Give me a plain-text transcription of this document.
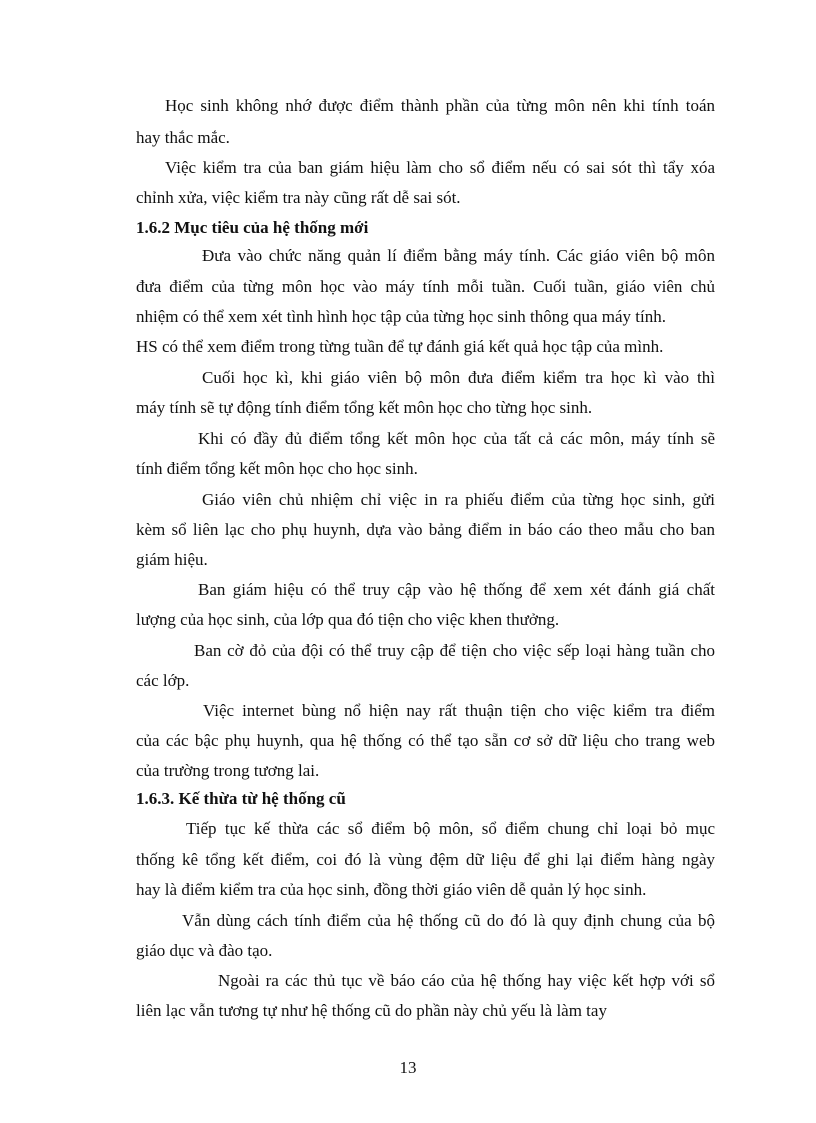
Học sinh không nhớ được điểm thành phần của từng môn nên khi tính toán

hay thắc mắc.

Việc kiểm tra của ban giám hiệu làm cho sổ điểm nếu có sai sót thì tẩy xóa

chỉnh xửa, việc kiểm tra này cũng rất dễ sai sót.

1.6.2 Mục tiêu của hệ thống mới

Đưa vào chức năng quản lí điểm bằng máy tính. Các giáo viên bộ môn

đưa điểm của từng môn học vào máy tính mỗi tuần. Cuối tuần, giáo viên chủ

nhiệm có thể xem xét tình hình học tập của từng học sinh thông qua máy tính.

HS có thể xem điểm trong từng tuần để tự đánh giá kết quả học tập của mình.

Cuối học kì, khi giáo viên bộ môn đưa điểm kiểm tra học kì vào thì

máy tính sẽ tự động tính điểm tổng kết môn học cho từng học sinh.

Khi có đầy đủ điểm tổng kết môn học của tất cả các môn, máy tính sẽ

tính điểm tổng kết môn học cho học sinh.

Giáo viên chủ nhiệm chỉ việc in ra phiếu điểm của từng học sinh, gửi

kèm sổ liên lạc cho phụ huynh, dựa vào bảng điểm in báo cáo theo mẫu cho ban

giám hiệu.

Ban giám hiệu có thể truy cập vào hệ thống để xem xét đánh giá chất

lượng của học sinh, của lớp qua đó tiện cho việc khen thưởng.

Ban cờ đỏ của đội có thể truy cập để tiện cho việc sếp loại hàng tuần cho

các lớp.

Việc internet bùng nổ hiện nay rất thuận tiện cho việc kiểm tra điểm

của các bậc phụ huynh, qua hệ thống có thể tạo sẵn cơ sở dữ liệu cho trang web

của trường trong tương lai.

1.6.3. Kế thừa từ hệ thống cũ

Tiếp tục kế thừa các sổ điểm bộ môn, sổ điểm chung chỉ loại bỏ mục

thống kê tổng kết điểm, coi đó là vùng đệm dữ liệu để ghi lại điểm hàng ngày

hay là điểm kiểm tra của học sinh, đồng thời giáo viên dễ quản lý học sinh.

Vẫn dùng cách tính điểm của hệ thống cũ do đó là quy định chung của bộ

giáo dục và đào tạo.

Ngoài ra các thủ tục về báo cáo của hệ thống hay việc kết hợp với sổ

liên lạc vẫn tương tự như hệ thống cũ do phần này chủ yếu là làm tay

13
